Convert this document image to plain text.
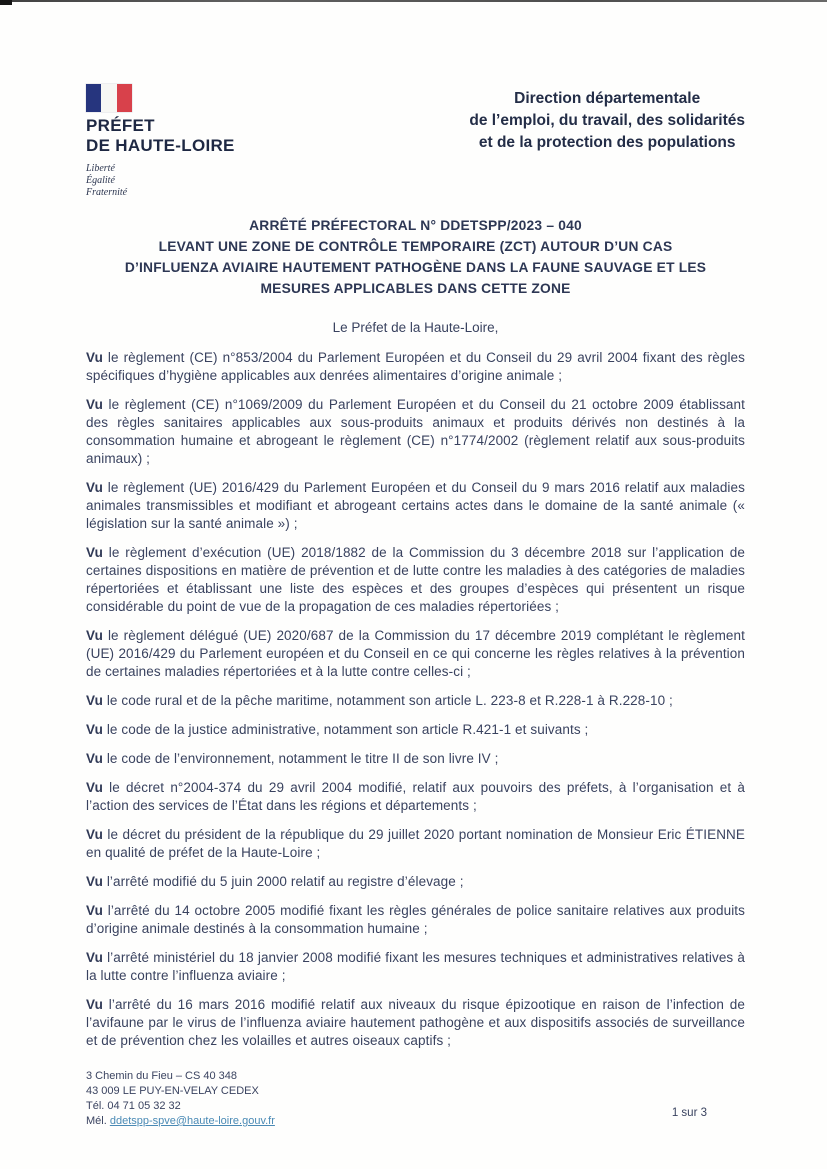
PRÉFET
DE HAUTE-LOIRE
Liberté
Égalité
Fraternité
Direction départementale
de l’emploi, du travail, des solidarités
et de la protection des populations
ARRÊTÉ PRÉFECTORAL N° DDETSPP/2023 – 040
LEVANT UNE ZONE DE CONTRÔLE TEMPORAIRE (ZCT) AUTOUR D’UN CAS
D’INFLUENZA AVIAIRE HAUTEMENT PATHOGÈNE DANS LA FAUNE SAUVAGE ET LES
MESURES APPLICABLES DANS CETTE ZONE
Le Préfet de la Haute-Loire,

Vu le règlement (CE) n°853/2004 du Parlement Européen et du Conseil du 29 avril 2004 fixant des règles spécifiques d’hygiène applicables aux denrées alimentaires d’origine animale ;

Vu le règlement (CE) n°1069/2009 du Parlement Européen et du Conseil du 21 octobre 2009 établissant des règles sanitaires applicables aux sous-produits animaux et produits dérivés non destinés à la consommation humaine et abrogeant le règlement (CE) n°1774/2002 (règlement relatif aux sous-produits animaux) ;

Vu le règlement (UE) 2016/429 du Parlement Européen et du Conseil du 9 mars 2016 relatif aux maladies animales transmissibles et modifiant et abrogeant certains actes dans le domaine de la santé animale (« législation sur la santé animale ») ;

Vu le règlement d’exécution (UE) 2018/1882 de la Commission du 3 décembre 2018 sur l’application de certaines dispositions en matière de prévention et de lutte contre les maladies à des catégories de maladies répertoriées et établissant une liste des espèces et des groupes d’espèces qui présentent un risque considérable du point de vue de la propagation de ces maladies répertoriées ;

Vu le règlement délégué (UE) 2020/687 de la Commission du 17 décembre 2019 complétant le règlement (UE) 2016/429 du Parlement européen et du Conseil en ce qui concerne les règles relatives à la prévention de certaines maladies répertoriées et à la lutte contre celles-ci ;

Vu le code rural et de la pêche maritime, notamment son article L. 223-8 et R.228-1 à R.228-10 ;

Vu le code de la justice administrative, notamment son article R.421-1 et suivants ;

Vu le code de l’environnement, notamment le titre II de son livre IV ;

Vu le décret n°2004-374 du 29 avril 2004 modifié, relatif aux pouvoirs des préfets, à l’organisation et à l’action des services de l’État dans les régions et départements ;

Vu le décret du président de la république du 29 juillet 2020 portant nomination de Monsieur Eric ÉTIENNE en qualité de préfet de la Haute-Loire ;

Vu l’arrêté modifié du 5 juin 2000 relatif au registre d’élevage ;

Vu l’arrêté du 14 octobre 2005 modifié fixant les règles générales de police sanitaire relatives aux produits d’origine animale destinés à la consommation humaine ;

Vu l’arrêté ministériel du 18 janvier 2008 modifié fixant les mesures techniques et administratives relatives à la lutte contre l’influenza aviaire ;

Vu l’arrêté du 16 mars 2016 modifié relatif aux niveaux du risque épizootique en raison de l’infection de l’avifaune par le virus de l’influenza aviaire hautement pathogène et aux dispositifs associés de surveillance et de prévention chez les volailles et autres oiseaux captifs ;

3 Chemin du Fieu – CS 40 348
43 009 LE PUY-EN-VELAY CEDEX
Tél. 04 71 05 32 32
Mél. ddetspp-spve@haute-loire.gouv.fr
1 sur 3
